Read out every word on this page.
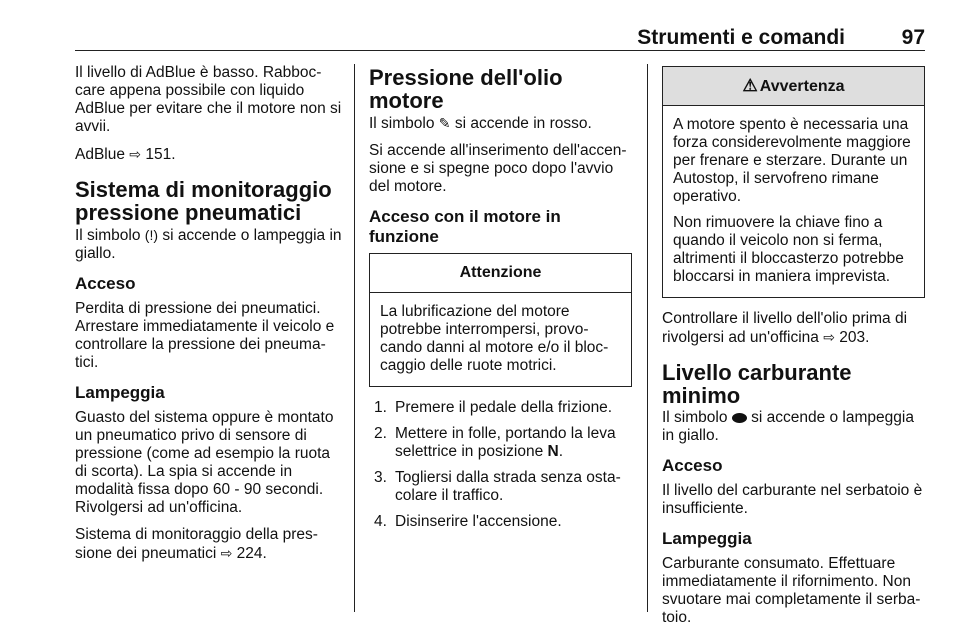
Strumenti e comandi	97

Il livello di AdBlue è basso. Rabboc-care appena possibile con liquido AdBlue per evitare che il motore non si avvii.

AdBlue ⇨ 151.

Sistema di monitoraggio pressione pneumatici

Il simbolo (!) si accende o lampeggia in giallo.

Acceso

Perdita di pressione dei pneumatici. Arrestare immediatamente il veicolo e controllare la pressione dei pneuma-tici.

Lampeggia

Guasto del sistema oppure è montato un pneumatico privo di sensore di pressione (come ad esempio la ruota di scorta). La spia si accende in modalità fissa dopo 60 - 90 secondi. Rivolgersi ad un'officina.

Sistema di monitoraggio della pres-sione dei pneumatici ⇨ 224.

Pressione dell'olio motore

Il simbolo ✎ si accende in rosso.

Si accende all'inserimento dell'accen-sione e si spegne poco dopo l'avvio del motore.

Acceso con il motore in funzione
Attenzione

La lubrificazione del motore potrebbe interrompersi, provo-cando danni al motore e/o il bloc-caggio delle ruote motrici.

1. Premere il pedale della frizione.
2. Mettere in folle, portando la leva selettrice in posizione N.
3. Togliersi dalla strada senza osta-colare il traffico.
4. Disinserire l'accensione.
⚠ Avvertenza

A motore spento è necessaria una forza considerevolmente maggiore per frenare e sterzare. Durante un Autostop, il servofreno rimane operativo.

Non rimuovere la chiave fino a quando il veicolo non si ferma, altrimenti il bloccasterzo potrebbe bloccarsi in maniera imprevista.

Controllare il livello dell'olio prima di rivolgersi ad un'officina ⇨ 203.

Livello carburante minimo

Il simbolo si accende o lampeggia in giallo.

Acceso

Il livello del carburante nel serbatoio è insufficiente.

Lampeggia

Carburante consumato. Effettuare immediatamente il rifornimento. Non svuotare mai completamente il serba-toio.
